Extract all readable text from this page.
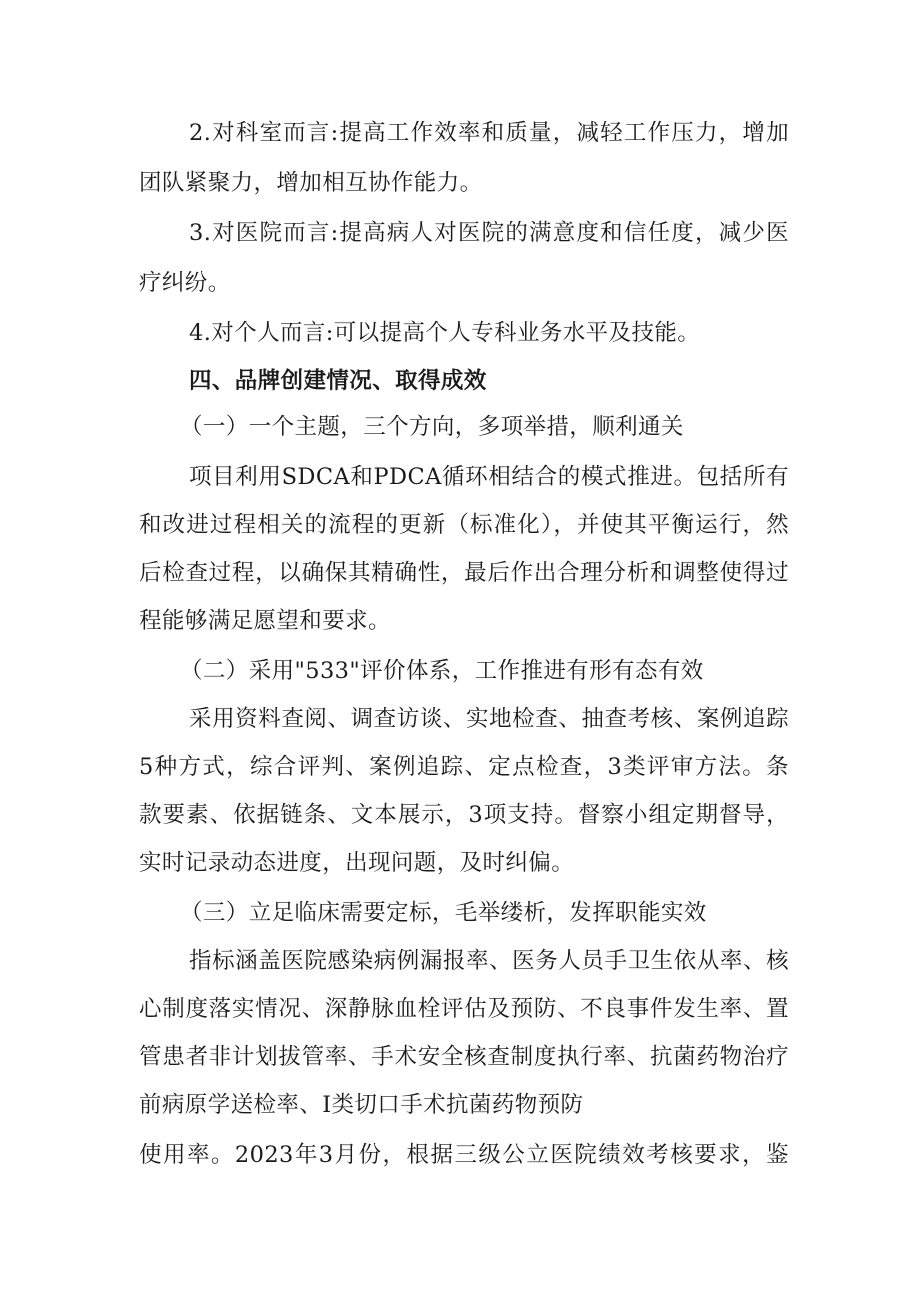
2.对科室而言:提高工作效率和质量，减轻工作压力，增加
团队紧聚力，增加相互协作能力。
3.对医院而言:提高病人对医院的满意度和信任度，减少医
疗纠纷。
4.对个人而言:可以提高个人专科业务水平及技能。
四、品牌创建情况、取得成效
（一）一个主题，三个方向，多项举措，顺利通关
项目利用SDCA和PDCA循环相结合的模式推进。包括所有
和改进过程相关的流程的更新（标准化），并使其平衡运行，然
后检查过程，以确保其精确性，最后作出合理分析和调整使得过
程能够满足愿望和要求。
（二）采用"533"评价体系，工作推进有形有态有效
采用资料查阅、调查访谈、实地检查、抽查考核、案例追踪
5种方式，综合评判、案例追踪、定点检查，3类评审方法。条
款要素、依据链条、文本展示，3项支持。督察小组定期督导，
实时记录动态进度，出现问题，及时纠偏。
（三）立足临床需要定标，毛举缕析，发挥职能实效
指标涵盖医院感染病例漏报率、医务人员手卫生依从率、核
心制度落实情况、深静脉血栓评估及预防、不良事件发生率、置
管患者非计划拔管率、手术安全核查制度执行率、抗菌药物治疗
前病原学送检率、Ⅰ类切口手术抗菌药物预防
使用率。2023年3月份，根据三级公立医院绩效考核要求，鉴
